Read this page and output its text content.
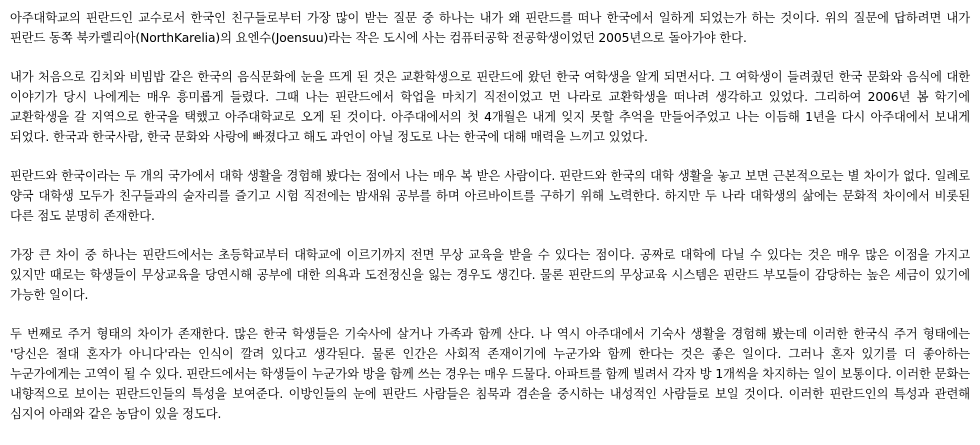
아주대학교의 핀란드인 교수로서 한국인 친구들로부터 가장 많이 받는 질문 중 하나는 내가 왜 핀란드를 떠나 한국에서 일하게 되었는가 하는 것이다. 위의 질문에 답하려면 내가 핀란드 동쪽 북카렐리아(NorthKarelia)의 요엔수(Joensuu)라는 작은 도시에 사는 컴퓨터공학 전공학생이었던 2005년으로 돌아가야 한다.

내가 처음으로 김치와 비빔밥 같은 한국의 음식문화에 눈을 뜨게 된 것은 교환학생으로 핀란드에 왔던 한국 여학생을 알게 되면서다. 그 여학생이 들려줬던 한국 문화와 음식에 대한 이야기가 당시 나에게는 매우 흥미롭게 들렸다. 그때 나는 핀란드에서 학업을 마치기 직전이었고 먼 나라로 교환학생을 떠나려 생각하고 있었다. 그리하여 2006년 봄 학기에 교환학생을 갈 지역으로 한국을 택했고 아주대학교로 오게 된 것이다. 아주대에서의 첫 4개월은 내게 잊지 못할 추억을 만들어주었고 나는 이듬해 1년을 다시 아주대에서 보내게 되었다. 한국과 한국사람, 한국 문화와 사랑에 빠졌다고 해도 과언이 아닐 정도로 나는 한국에 대해 매력을 느끼고 있었다.

핀란드와 한국이라는 두 개의 국가에서 대학 생활을 경험해 봤다는 점에서 나는 매우 복 받은 사람이다. 핀란드와 한국의 대학 생활을 놓고 보면 근본적으로는 별 차이가 없다. 일례로 양국 대학생 모두가 친구들과의 술자리를 즐기고 시험 직전에는 밤새워 공부를 하며 아르바이트를 구하기 위해 노력한다. 하지만 두 나라 대학생의 삶에는 문화적 차이에서 비롯된 다른 점도 분명히 존재한다.

가장 큰 차이 중 하나는 핀란드에서는 초등학교부터 대학교에 이르기까지 전면 무상 교육을 받을 수 있다는 점이다. 공짜로 대학에 다닐 수 있다는 것은 매우 많은 이점을 가지고 있지만 때로는 학생들이 무상교육을 당연시해 공부에 대한 의욕과 도전정신을 잃는 경우도 생긴다. 물론 핀란드의 무상교육 시스템은 핀란드 부모들이 감당하는 높은 세금이 있기에 가능한 일이다.

두 번째로 주거 형태의 차이가 존재한다. 많은 한국 학생들은 기숙사에 살거나 가족과 함께 산다. 나 역시 아주대에서 기숙사 생활을 경험해 봤는데 이러한 한국식 주거 형태에는 '당신은 절대 혼자가 아니다'라는 인식이 깔려 있다고 생각된다. 물론 인간은 사회적 존재이기에 누군가와 함께 한다는 것은 좋은 일이다. 그러나 혼자 있기를 더 좋아하는 누군가에게는 고역이 될 수 있다. 핀란드에서는 학생들이 누군가와 방을 함께 쓰는 경우는 매우 드물다. 아파트를 함께 빌려서 각자 방 1개씩을 차지하는 일이 보통이다. 이러한 문화는 내향적으로 보이는 핀란드인들의 특성을 보여준다. 이방인들의 눈에 핀란드 사람들은 침묵과 겸손을 중시하는 내성적인 사람들로 보일 것이다. 이러한 핀란드인의 특성과 관련해 심지어 아래와 같은 농담이 있을 정도다.
